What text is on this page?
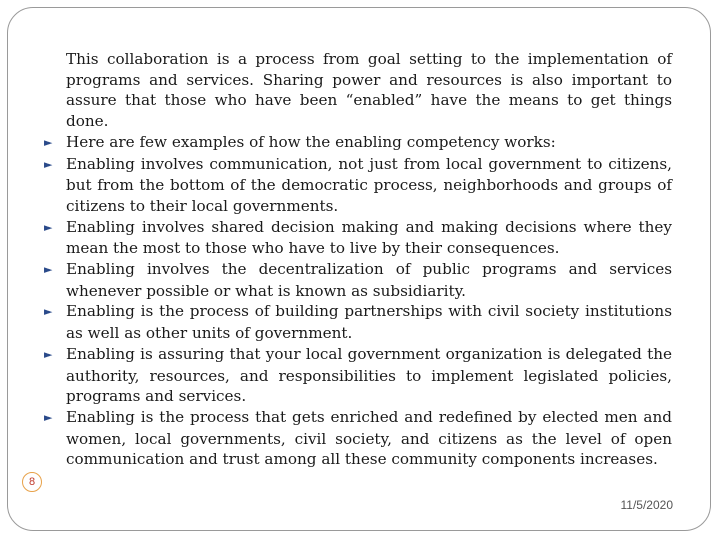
This collaboration is a process from goal setting to the implementation of programs and services. Sharing power and resources is also important to assure that those who have been “enabled” have the means to get things done.
► Here are few examples of how the enabling competency works:
► Enabling involves communication, not just from local government to citizens, but from the bottom of the democratic process, neighborhoods and groups of citizens to their local governments.
► Enabling involves shared decision making and making decisions where they mean the most to those who have to live by their consequences.
► Enabling involves the decentralization of public programs and services whenever possible or what is known as subsidiarity.
► Enabling is the process of building partnerships with civil society institutions as well as other units of government.
► Enabling is assuring that your local government organization is delegated the authority, resources, and responsibilities to implement legislated policies, programs and services.
► Enabling is the process that gets enriched and redefined by elected men and women, local governments, civil society, and citizens as the level of open communication and trust among all these community components increases.
8
11/5/2020
